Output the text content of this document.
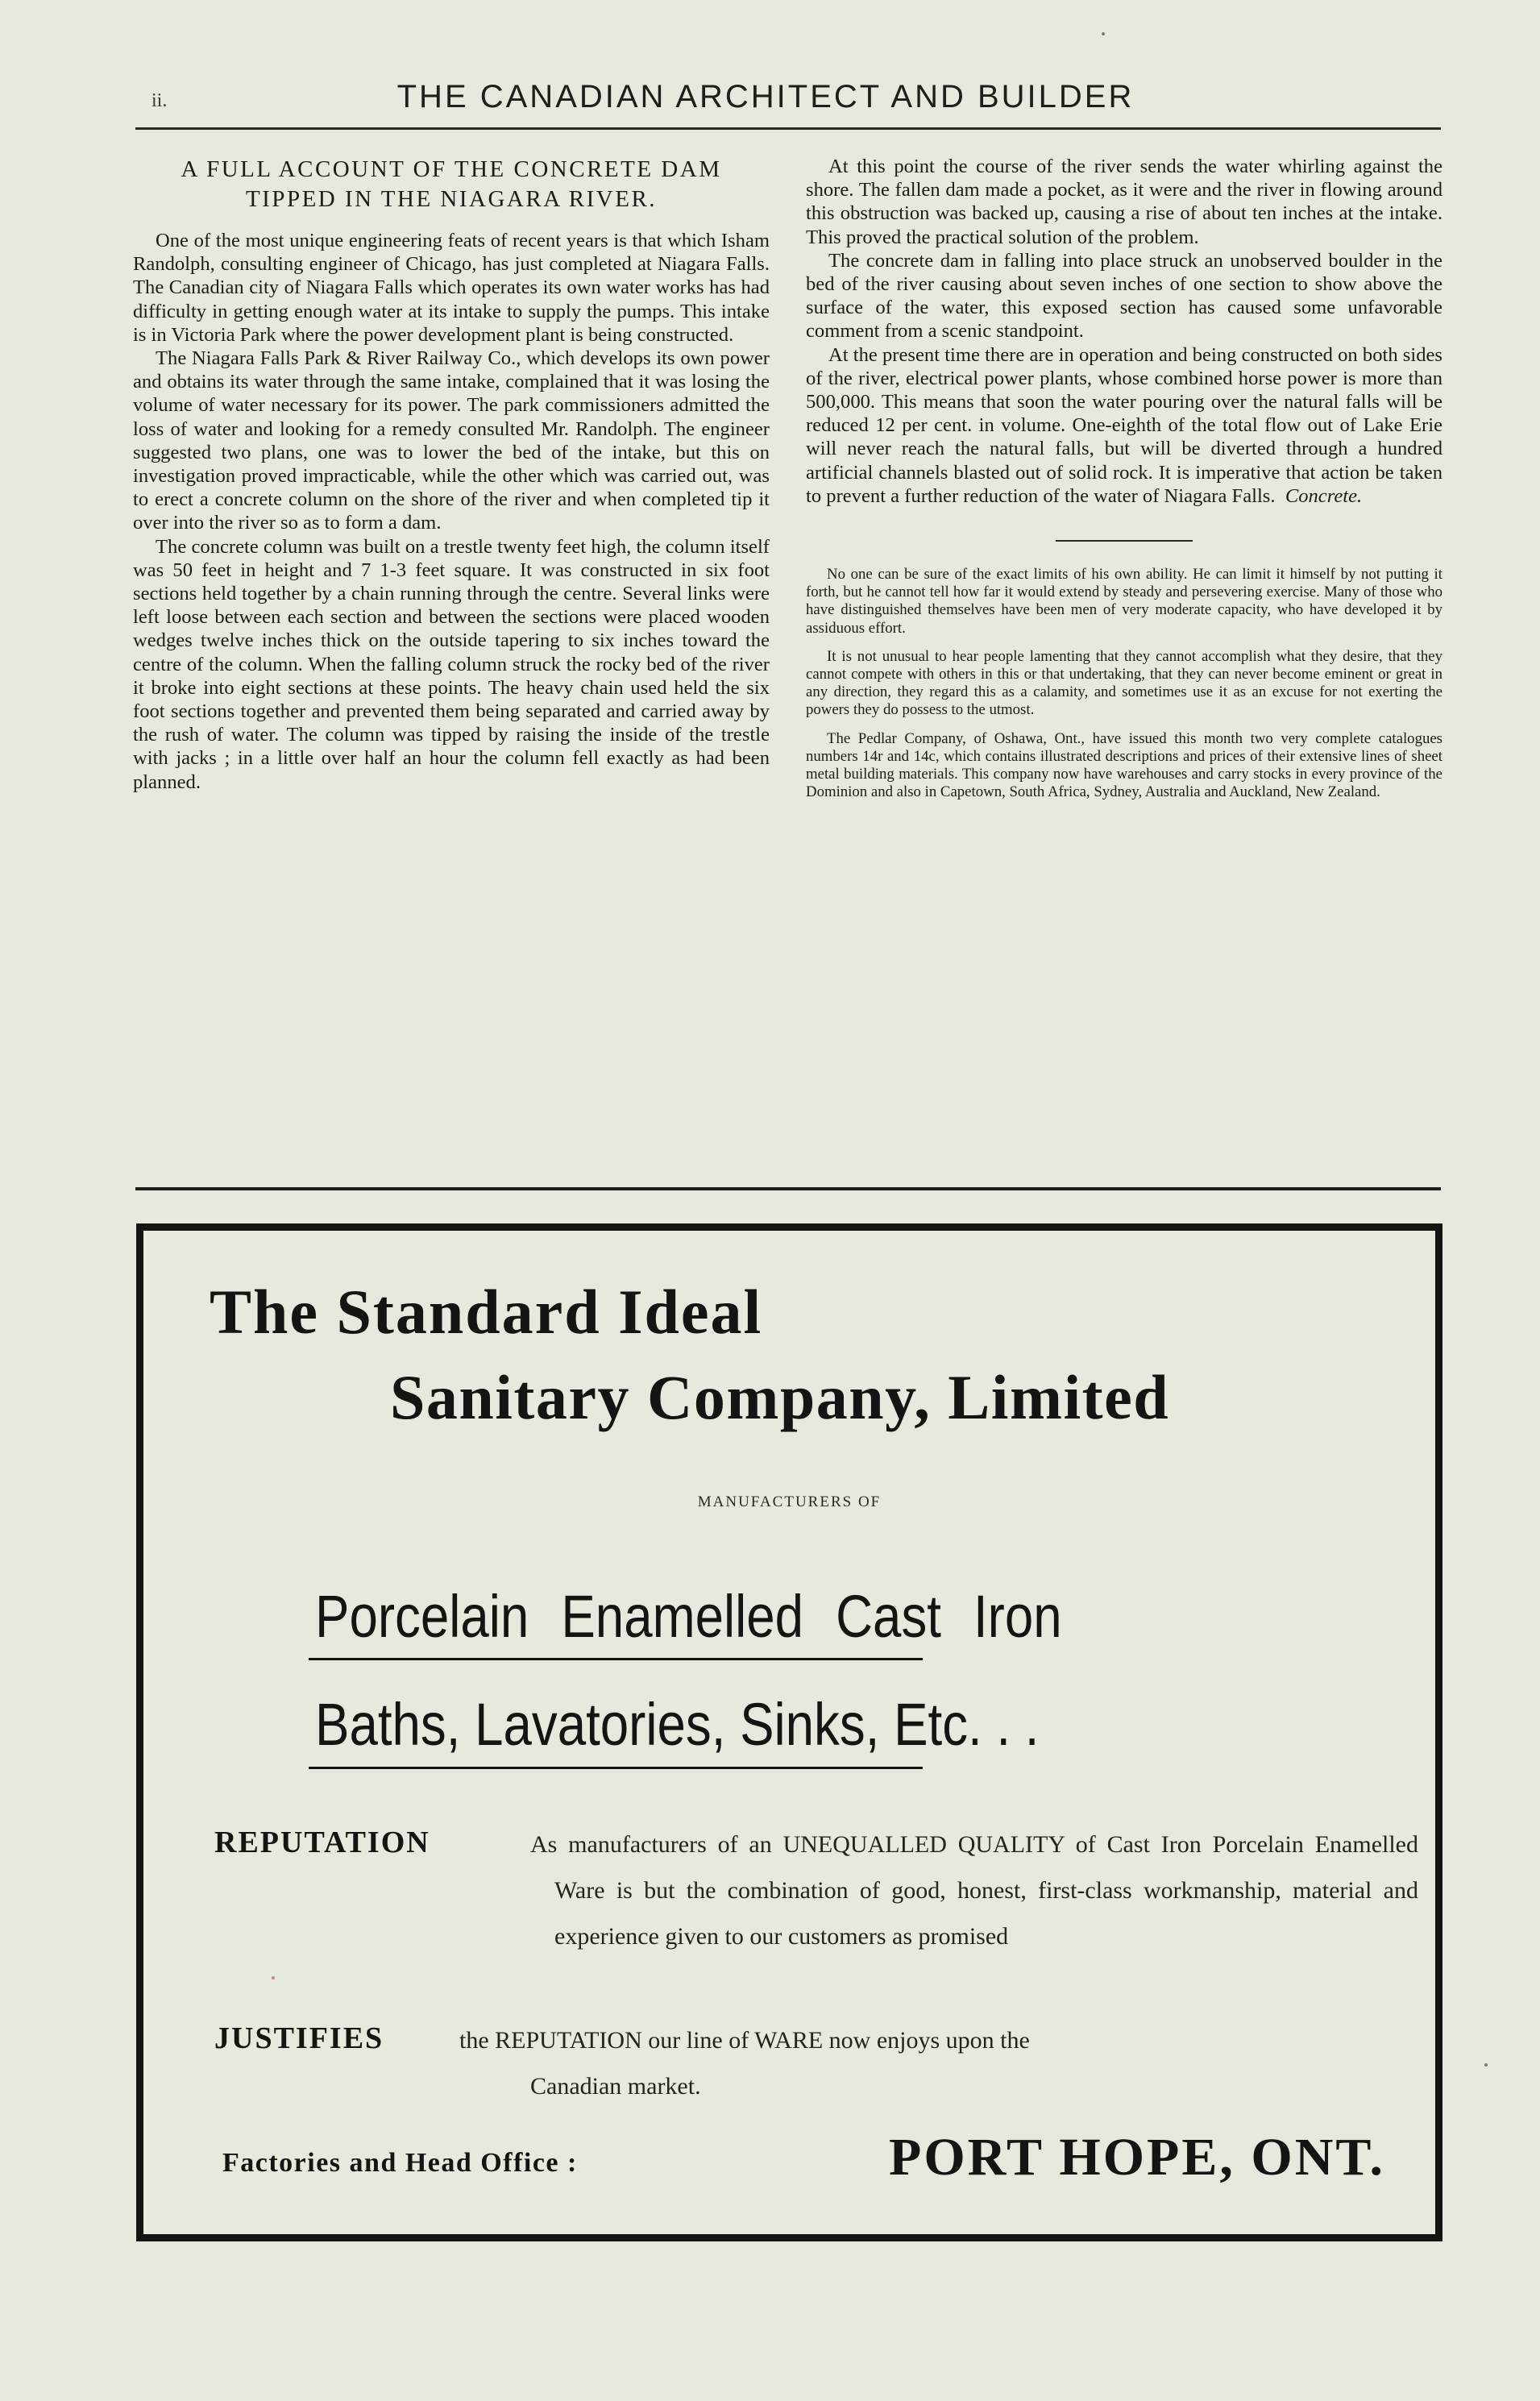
ii.	THE CANADIAN ARCHITECT AND BUILDER
A FULL ACCOUNT OF THE CONCRETE DAM
TIPPED IN THE NIAGARA RIVER.

One of the most unique engineering feats of recent years is that which Isham Randolph, consulting engineer of Chicago, has just completed at Niagara Falls. The Canadian city of Niagara Falls which operates its own water works has had difficulty in getting enough water at its intake to supply the pumps. This intake is in Victoria Park where the power development plant is being constructed.

The Niagara Falls Park & River Railway Co., which develops its own power and obtains its water through the same intake, complained that it was losing the volume of water necessary for its power. The park commissioners admitted the loss of water and looking for a remedy consulted Mr. Randolph. The engineer suggested two plans, one was to lower the bed of the intake, but this on investigation proved impracticable, while the other which was carried out, was to erect a concrete column on the shore of the river and when completed tip it over into the river so as to form a dam.

The concrete column was built on a trestle twenty feet high, the column itself was 50 feet in height and 7 1-3 feet square. It was constructed in six foot sections held together by a chain running through the centre. Several links were left loose between each section and between the sections were placed wooden wedges twelve inches thick on the outside tapering to six inches toward the centre of the column. When the falling column struck the rocky bed of the river it broke into eight sections at these points. The heavy chain used held the six foot sections together and prevented them being separated and carried away by the rush of water. The column was tipped by raising the inside of the trestle with jacks ; in a little over half an hour the column fell exactly as had been planned.

At this point the course of the river sends the water whirling against the shore. The fallen dam made a pocket, as it were and the river in flowing around this obstruction was backed up, causing a rise of about ten inches at the intake. This proved the practical solution of the problem.

The concrete dam in falling into place struck an unobserved boulder in the bed of the river causing about seven inches of one section to show above the surface of the water, this exposed section has caused some unfavorable comment from a scenic standpoint.

At the present time there are in operation and being constructed on both sides of the river, electrical power plants, whose combined horse power is more than 500,000. This means that soon the water pouring over the natural falls will be reduced 12 per cent. in volume. One-eighth of the total flow out of Lake Erie will never reach the natural falls, but will be diverted through a hundred artificial channels blasted out of solid rock. It is imperative that action be taken to prevent a further reduction of the water of Niagara Falls. Concrete.

No one can be sure of the exact limits of his own ability. He can limit it himself by not putting it forth, but he cannot tell how far it would extend by steady and persevering exercise. Many of those who have distinguished themselves have been men of very moderate capacity, who have developed it by assiduous effort.

It is not unusual to hear people lamenting that they cannot accomplish what they desire, that they cannot compete with others in this or that undertaking, that they can never become eminent or great in any direction, they regard this as a calamity, and sometimes use it as an excuse for not exerting the powers they do possess to the utmost.

The Pedlar Company, of Oshawa, Ont., have issued this month two very complete catalogues numbers 14r and 14c, which contains illustrated descriptions and prices of their extensive lines of sheet metal building materials. This company now have warehouses and carry stocks in every province of the Dominion and also in Capetown, South Africa, Sydney, Australia and Auckland, New Zealand.

The Standard Ideal
Sanitary Company, Limited
MANUFACTURERS OF
Porcelain Enamelled Cast Iron
Baths, Lavatories, Sinks, Etc. . .
REPUTATION	As manufacturers of an UNEQUALLED QUALITY of Cast Iron Porcelain Enamelled Ware is but the combination of good, honest, first-class workmanship, material and experience given to our customers as promised
JUSTIFIES	the REPUTATION our line of WARE now enjoys upon the
Canadian market.
Factories and Head Office :	PORT HOPE, ONT.
